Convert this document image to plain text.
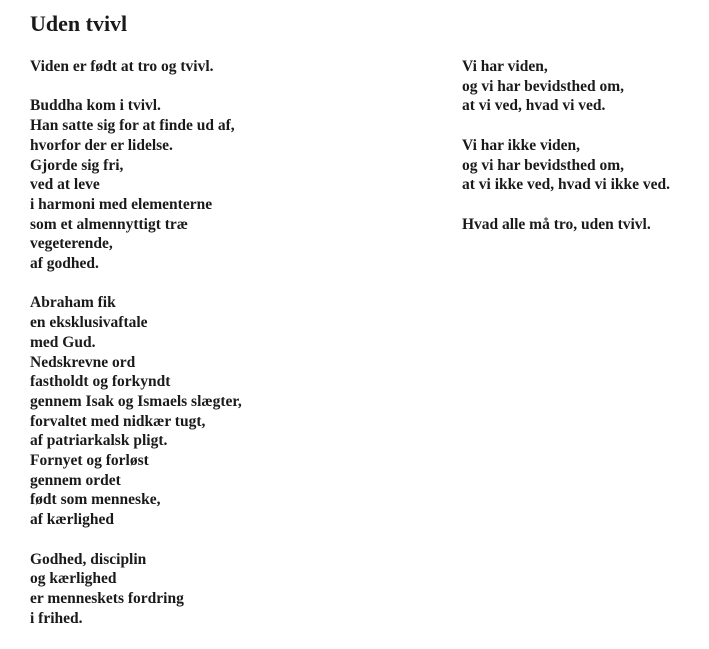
Uden tvivl
Viden er født at tro og tvivl.
Buddha kom i tvivl.
Han satte sig for at finde ud af,
hvorfor der er lidelse.
Gjorde sig fri,
ved at leve
i harmoni med elementerne
som et almennyttigt træ
vegeterende,
af godhed.
Abraham fik
en eksklusivaftale
med Gud.
Nedskrevne ord
fastholdt og forkyndt
gennem Isak og Ismaels slægter,
forvaltet med nidkær tugt,
af patriarkalsk pligt.
Fornyet og forløst
gennem ordet
født som menneske,
af kærlighed
Godhed, disciplin
og kærlighed
er menneskets fordring
i frihed.
Vi har viden,
og vi har bevidsthed om,
at vi ved, hvad vi ved.
Vi har ikke viden,
og vi har bevidsthed om,
at vi ikke ved, hvad vi ikke ved.
Hvad alle må tro, uden tvivl.
